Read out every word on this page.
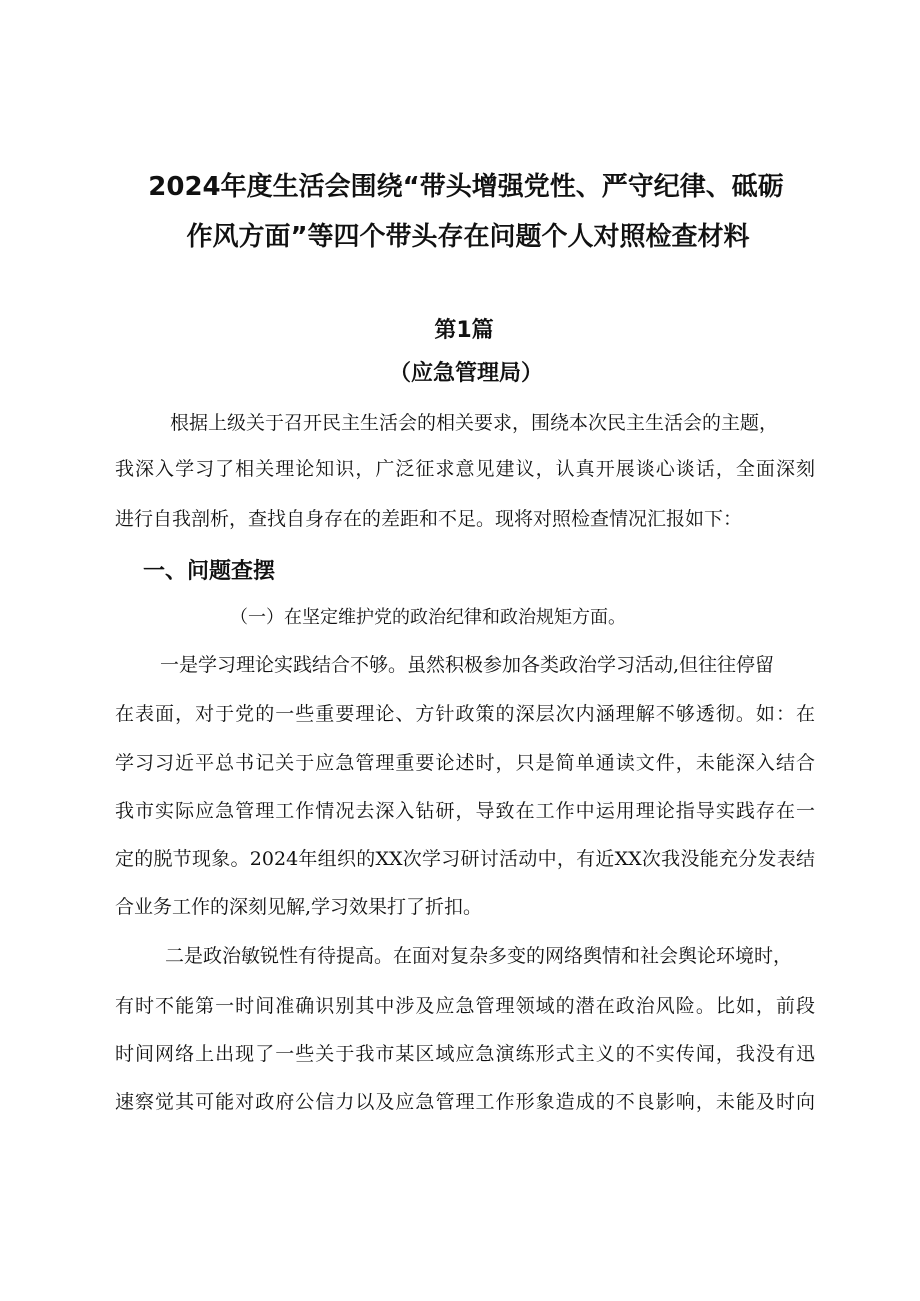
2024年度生活会围绕“带头增强党性、严守纪律、砥砺
作风方面”等四个带头存在问题个人对照检查材料
第1篇
（应急管理局）
根据上级关于召开民主生活会的相关要求，围绕本次民主生活会的主题，
我深入学习了相关理论知识，广泛征求意见建议，认真开展谈心谈话，全面深刻
进行自我剖析，查找自身存在的差距和不足。现将对照检查情况汇报如下：
一、问题查摆
（一）在坚定维护党的政治纪律和政治规矩方面。
一是学习理论实践结合不够。虽然积极参加各类政治学习活动,但往往停留
在表面，对于党的一些重要理论、方针政策的深层次内涵理解不够透彻。如：在
学习习近平总书记关于应急管理重要论述时，只是简单通读文件，未能深入结合
我市实际应急管理工作情况去深入钻研，导致在工作中运用理论指导实践存在一
定的脱节现象。2024年组织的XX次学习研讨活动中，有近XX次我没能充分发表结
合业务工作的深刻见解,学习效果打了折扣。
二是政治敏锐性有待提高。在面对复杂多变的网络舆情和社会舆论环境时，
有时不能第一时间准确识别其中涉及应急管理领域的潜在政治风险。比如，前段
时间网络上出现了一些关于我市某区域应急演练形式主义的不实传闻，我没有迅
速察觉其可能对政府公信力以及应急管理工作形象造成的不良影响，未能及时向
